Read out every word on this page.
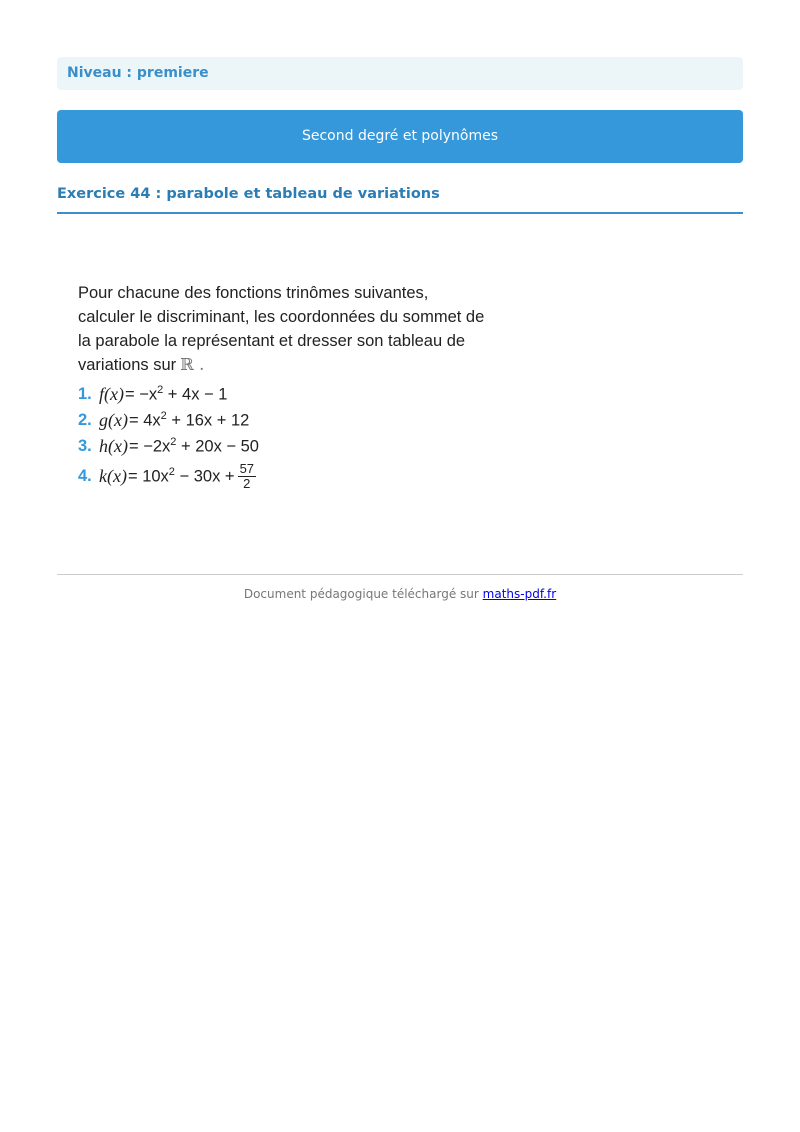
Niveau : premiere
Second degré et polynômes
Exercice 44 : parabole et tableau de variations

Pour chacune des fonctions trinômes suivantes,
calculer le discriminant, les coordonnées du sommet de
la parabole la représentant et dresser son tableau de
variations sur ℝ .

1. $f(x) = -x^2 + 4x - 1$
2. $g(x) = 4x^2 + 16x + 12$
3. $h(x) = -2x^2 + 20x - 50$
4. $k(x) = 10x^2 - 30x + \frac{57}{2}$
Document pédagogique téléchargé sur maths-pdf.fr
